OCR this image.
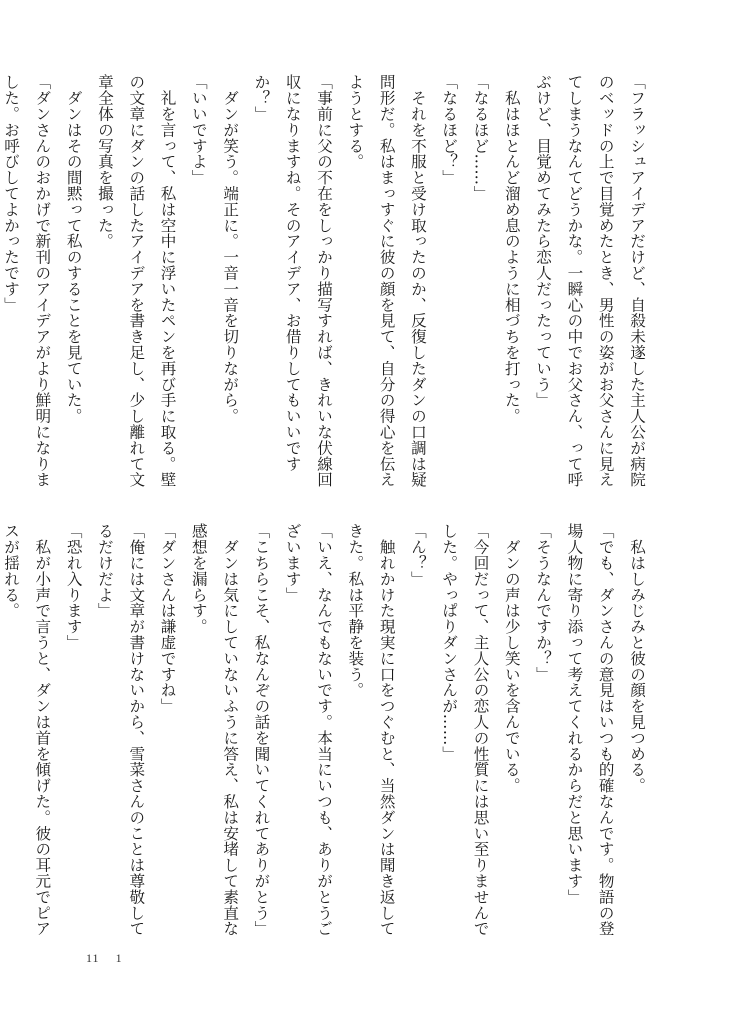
「フラッシュアイデアだけど、自殺未遂した主人公が病院
のベッドの上で目覚めたとき、男性の姿がお父さんに見え
てしまうなんてどうかな。一瞬心の中でお父さん、って呼
ぶけど、目覚めてみたら恋人だったっていう」
　私はほとんど溜め息のように相づちを打った。
「なるほど……」
「なるほど？」
　それを不服と受け取ったのか、反復したダンの口調は疑
問形だ。私はまっすぐに彼の顔を見て、自分の得心を伝え
ようとする。
「事前に父の不在をしっかり描写すれば、きれいな伏線回
収になりますね。そのアイデア、お借りしてもいいです
か？」
　ダンが笑う。端正に。一音一音を切りながら。
「いいですよ」
　礼を言って、私は空中に浮いたペンを再び手に取る。壁
の文章にダンの話したアイデアを書き足し、少し離れて文
章全体の写真を撮った。
　ダンはその間黙って私のすることを見ていた。
「ダンさんのおかげで新刊のアイデアがより鮮明になりま
した。お呼びしてよかったです」
　私はしみじみと彼の顔を見つめる。
「でも、ダンさんの意見はいつも的確なんです。物語の登
場人物に寄り添って考えてくれるからだと思います」
「そうなんですか？」
　ダンの声は少し笑いを含んでいる。
「今回だって、主人公の恋人の性質には思い至りませんで
した。やっぱりダンさんが……」
「ん？」
　触れかけた現実に口をつぐむと、当然ダンは聞き返して
きた。私は平静を装う。
「いえ、なんでもないです。本当にいつも、ありがとうご
ざいます」
「こちらこそ、私なんぞの話を聞いてくれてありがとう」
　ダンは気にしていないふうに答え、私は安堵して素直な
感想を漏らす。
「ダンさんは謙虚ですね」
「俺には文章が書けないから、雪菜さんのことは尊敬して
るだけだよ」
「恐れ入ります」
　私が小声で言うと、ダンは首を傾げた。彼の耳元でピア
スが揺れる。
11 1
